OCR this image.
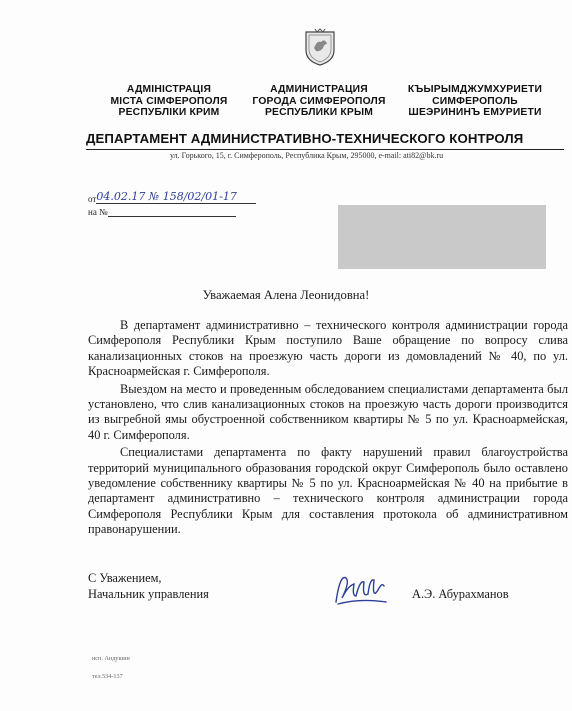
АДМІНІСТРАЦІЯ
МІСТА СІМФЕРОПОЛЯ
РЕСПУБЛІКИ КРИМ
АДМИНИСТРАЦИЯ
ГОРОДА СИМФЕРОПОЛЯ
РЕСПУБЛИКИ КРЫМ
КЪЫРЫМДЖУМХУРИЕТИ
СИМФЕРОПОЛЬ
ШЕЭРИНИНЪ ЕМУРИЕТИ
ДЕПАРТАМЕНТ АДМИНИСТРАТИВНО-ТЕХНИЧЕСКОГО КОНТРОЛЯ
ул. Горького, 15, г. Симферополь, Республика Крым, 295000, e-mail: ati82@bk.ru
от04.02.17 № 158/02/01-17
на №
Уважаемая Алена Леонидовна!

В департамент административно – технического контроля администрации города Симферополя Республики Крым поступило Ваше обращение по вопросу слива канализационных стоков на проезжую часть дороги из домовладений № 40, по ул. Красноармейская г. Симферополя.

Выездом на место и проведенным обследованием специалистами департамента был установлено, что слив канализационных стоков на проезжую часть дороги производится из выгребной ямы обустроенной собственником квартиры № 5 по ул. Красноармейская, 40 г. Симферополя.

Специалистами департамента по факту нарушений правил благоустройства территорий муниципального образования городской округ Симферополь было оставлено уведомление собственнику квартиры № 5 по ул. Красноармейская № 40 на прибытие в департамент административно – технического контроля администрации города Симферополя Республики Крым для составления протокола об административном правонарушении.

С Уважением,
Начальник управления	А.Э. Абурахманов
исп. Андушин
тел.534-137
